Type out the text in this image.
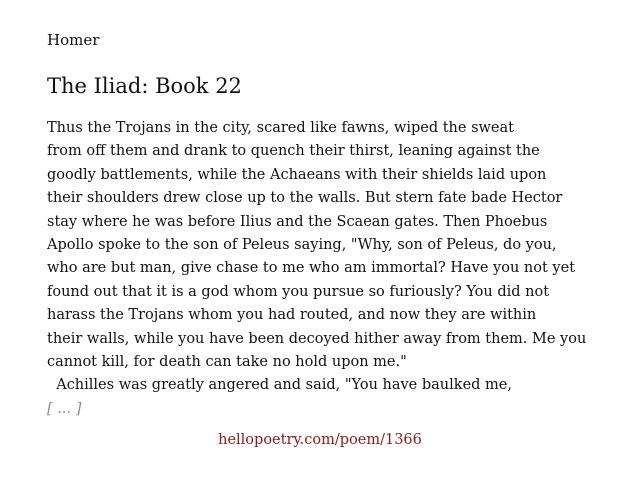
Homer
The Iliad: Book 22
Thus the Trojans in the city, scared like fawns, wiped the sweat
from off them and drank to quench their thirst, leaning against the
goodly battlements, while the Achaeans with their shields laid upon
their shoulders drew close up to the walls. But stern fate bade Hector
stay where he was before Ilius and the Scaean gates. Then Phoebus
Apollo spoke to the son of Peleus saying, "Why, son of Peleus, do you,
who are but man, give chase to me who am immortal? Have you not yet
found out that it is a god whom you pursue so furiously? You did not
harass the Trojans whom you had routed, and now they are within
their walls, while you have been decoyed hither away from them. Me you
cannot kill, for death can take no hold upon me."
Achilles was greatly angered and said, "You have baulked me,
[ ... ]
hellopoetry.com/poem/1366
